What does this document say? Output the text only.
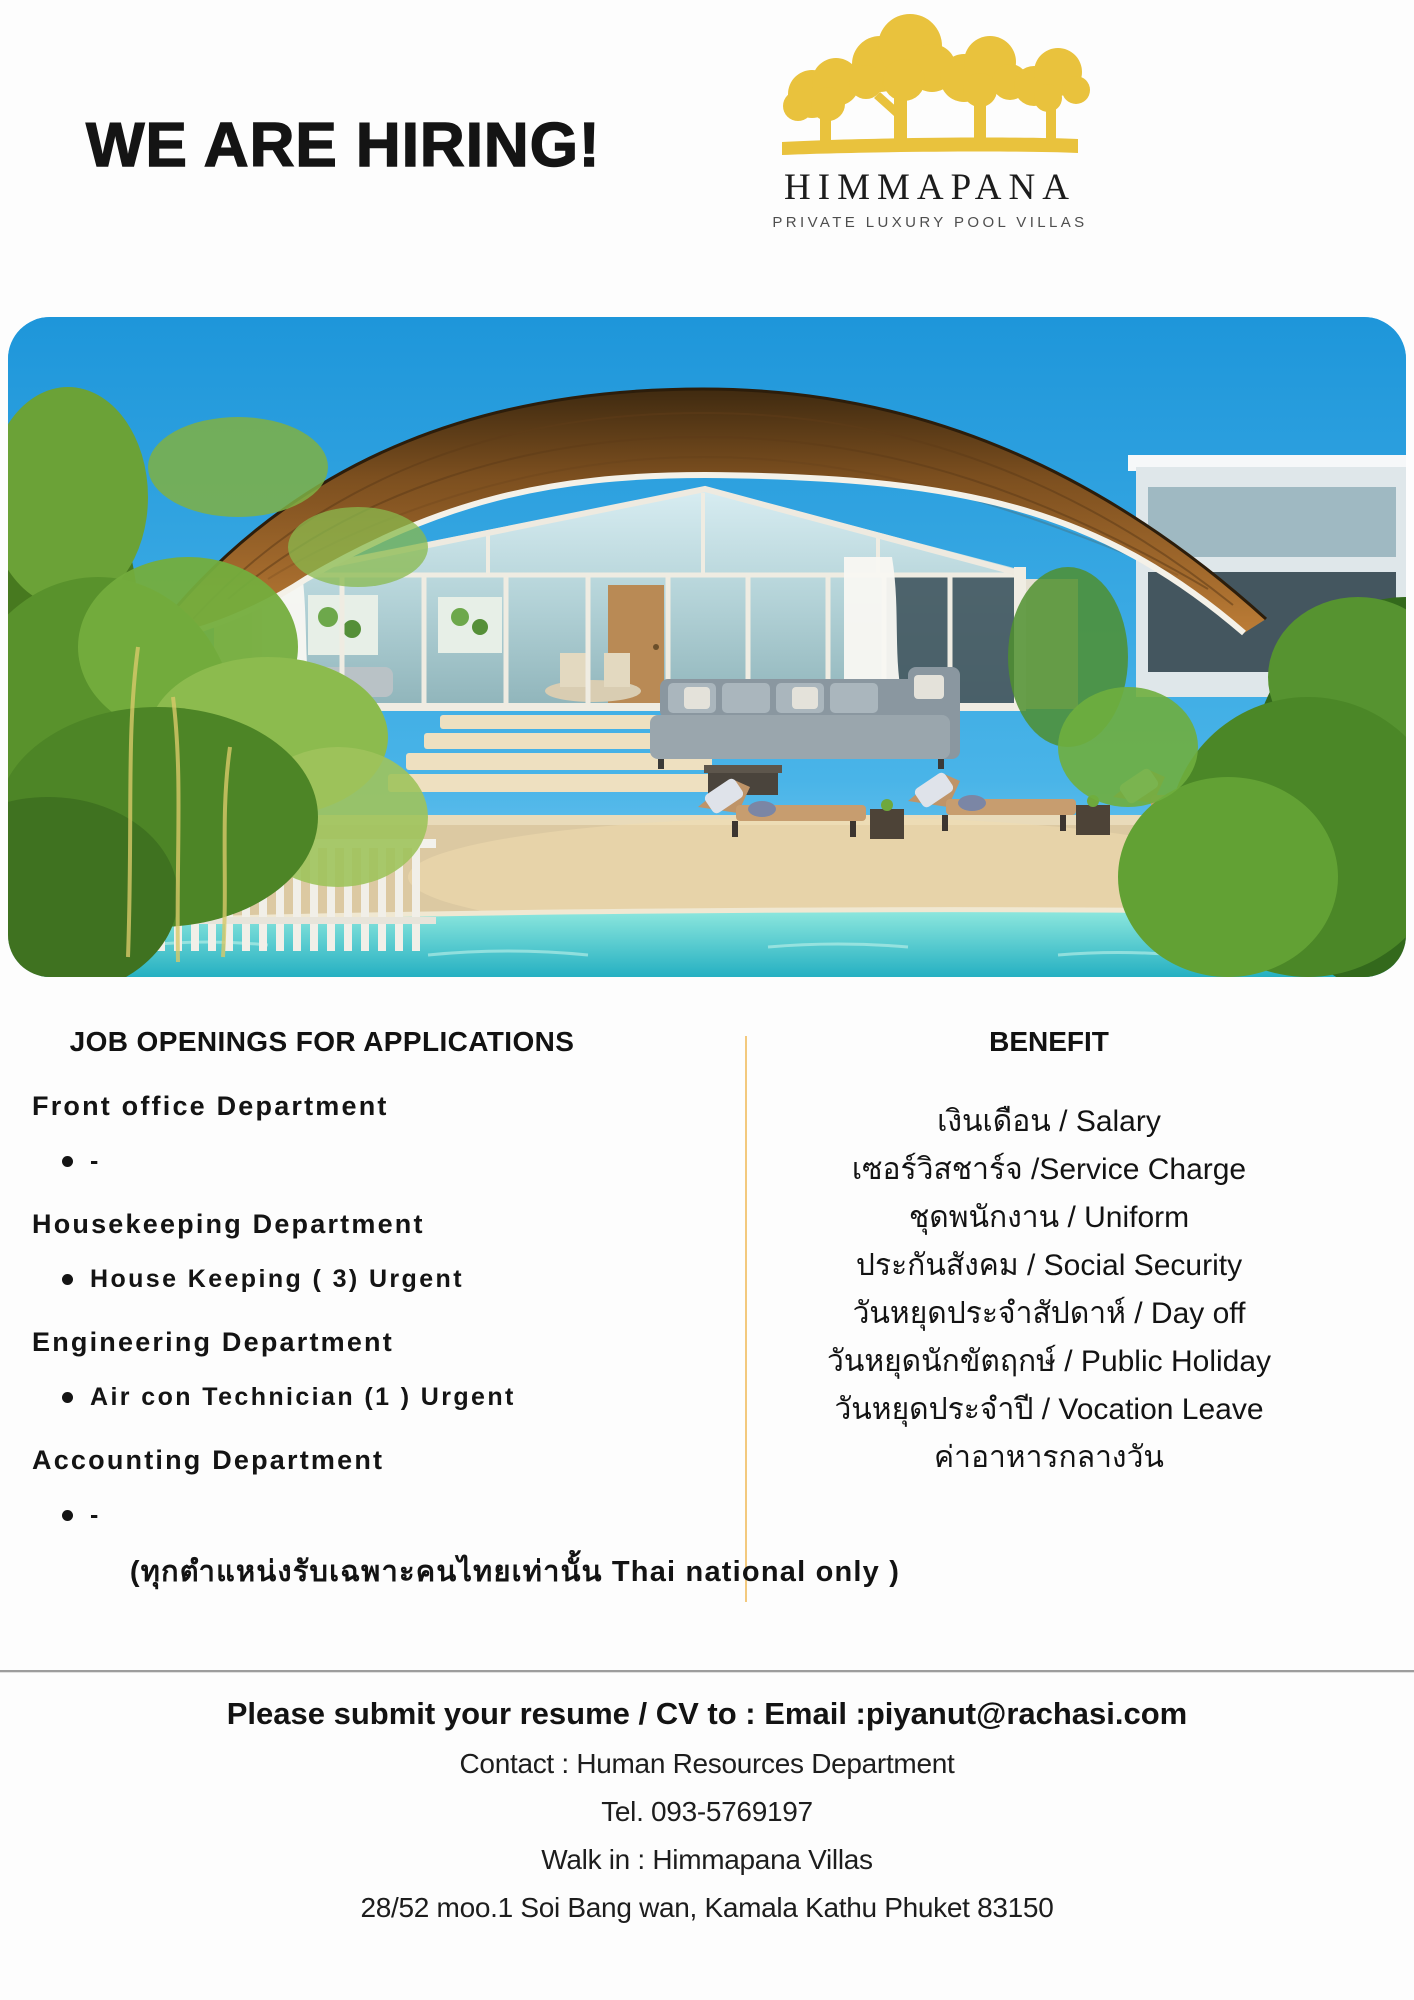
WE ARE HIRING!
HIMMAPANA
PRIVATE LUXURY POOL VILLAS
JOB OPENINGS FOR APPLICATIONS
Front office Department
-
Housekeeping Department
House Keeping ( 3) Urgent
Engineering Department
Air con Technician (1 ) Urgent
Accounting Department
-
BENEFIT
เงินเดือน / Salary
เซอร์วิสชาร์จ /Service Charge
ชุดพนักงาน / Uniform
ประกันสังคม / Social Security
วันหยุดประจำสัปดาห์ / Day off
วันหยุดนักขัตฤกษ์ / Public Holiday
วันหยุดประจำปี / Vocation Leave
ค่าอาหารกลางวัน
(ทุกตำแหน่งรับเฉพาะคนไทยเท่านั้น Thai national only )
Please submit your resume / CV to : Email :piyanut@rachasi.com
Contact : Human Resources Department
Tel. 093-5769197
Walk in : Himmapana Villas
28/52 moo.1 Soi Bang wan, Kamala Kathu Phuket 83150
